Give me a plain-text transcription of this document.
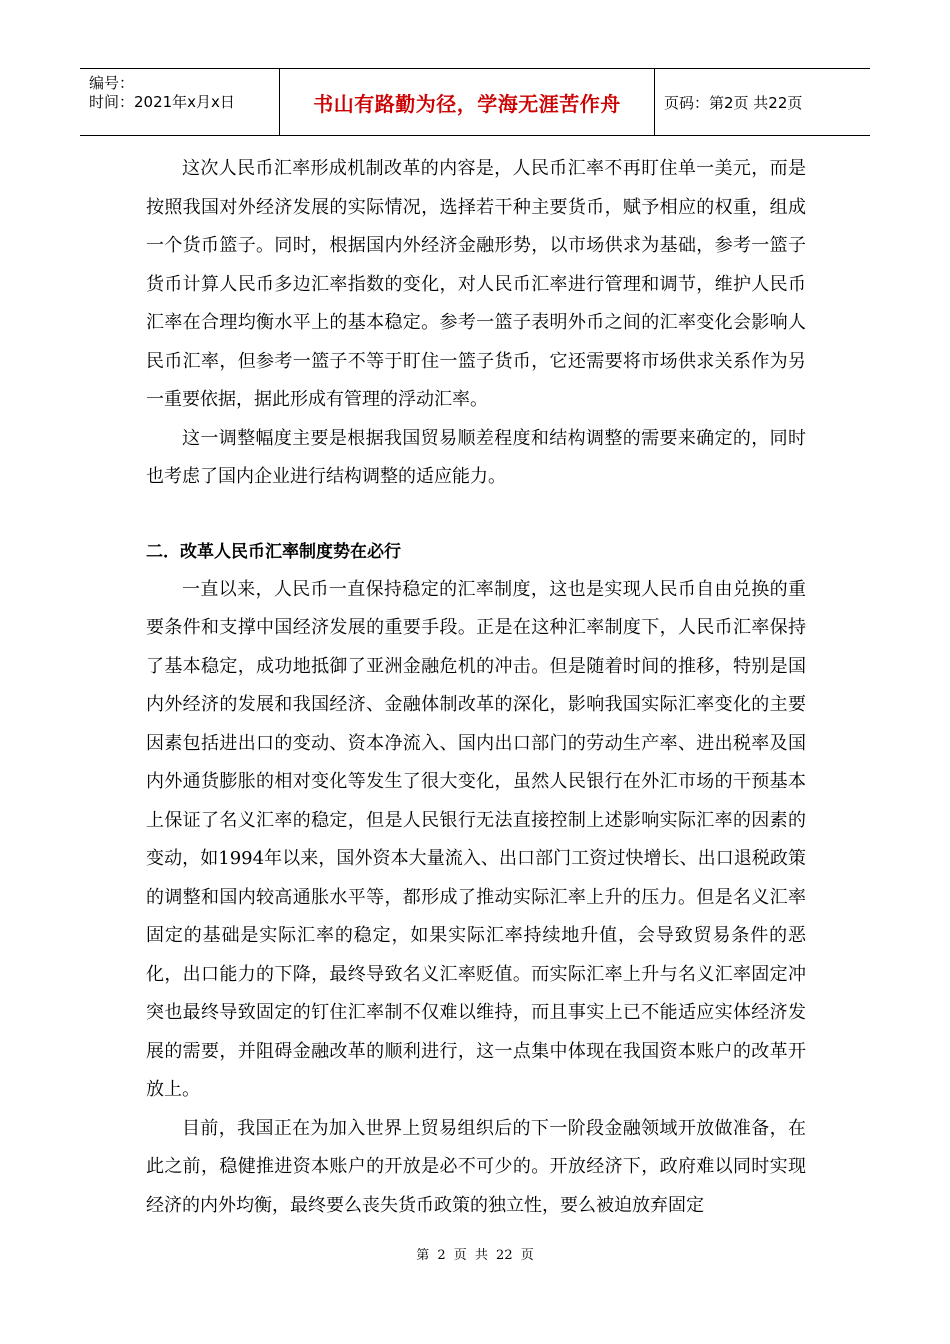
编号：
时间：2021年x月x日	书山有路勤为径，学海无涯苦作舟	页码：第2页 共22页

这次人民币汇率形成机制改革的内容是，人民币汇率不再盯住单一美元，而是按照我国对外经济发展的实际情况，选择若干种主要货币，赋予相应的权重，组成一个货币篮子。同时，根据国内外经济金融形势，以市场供求为基础，参考一篮子货币计算人民币多边汇率指数的变化，对人民币汇率进行管理和调节，维护人民币汇率在合理均衡水平上的基本稳定。参考一篮子表明外币之间的汇率变化会影响人民币汇率，但参考一篮子不等于盯住一篮子货币，它还需要将市场供求关系作为另一重要依据，据此形成有管理的浮动汇率。

这一调整幅度主要是根据我国贸易顺差程度和结构调整的需要来确定的，同时也考虑了国内企业进行结构调整的适应能力。

二．改革人民币汇率制度势在必行

一直以来，人民币一直保持稳定的汇率制度，这也是实现人民币自由兑换的重要条件和支撑中国经济发展的重要手段。正是在这种汇率制度下，人民币汇率保持了基本稳定，成功地抵御了亚洲金融危机的冲击。但是随着时间的推移，特别是国内外经济的发展和我国经济、金融体制改革的深化，影响我国实际汇率变化的主要因素包括进出口的变动、资本净流入、国内出口部门的劳动生产率、进出税率及国内外通货膨胀的相对变化等发生了很大变化，虽然人民银行在外汇市场的干预基本上保证了名义汇率的稳定，但是人民银行无法直接控制上述影响实际汇率的因素的变动，如1994年以来，国外资本大量流入、出口部门工资过快增长、出口退税政策的调整和国内较高通胀水平等，都形成了推动实际汇率上升的压力。但是名义汇率固定的基础是实际汇率的稳定，如果实际汇率持续地升值，会导致贸易条件的恶化，出口能力的下降，最终导致名义汇率贬值。而实际汇率上升与名义汇率固定冲突也最终导致固定的钉住汇率制不仅难以维持，而且事实上已不能适应实体经济发展的需要，并阻碍金融改革的顺利进行，这一点集中体现在我国资本账户的改革开放上。

目前，我国正在为加入世界上贸易组织后的下一阶段金融领域开放做准备，在此之前，稳健推进资本账户的开放是必不可少的。开放经济下，政府难以同时实现经济的内外均衡，最终要么丧失货币政策的独立性，要么被迫放弃固定

第 2 页 共 22 页
